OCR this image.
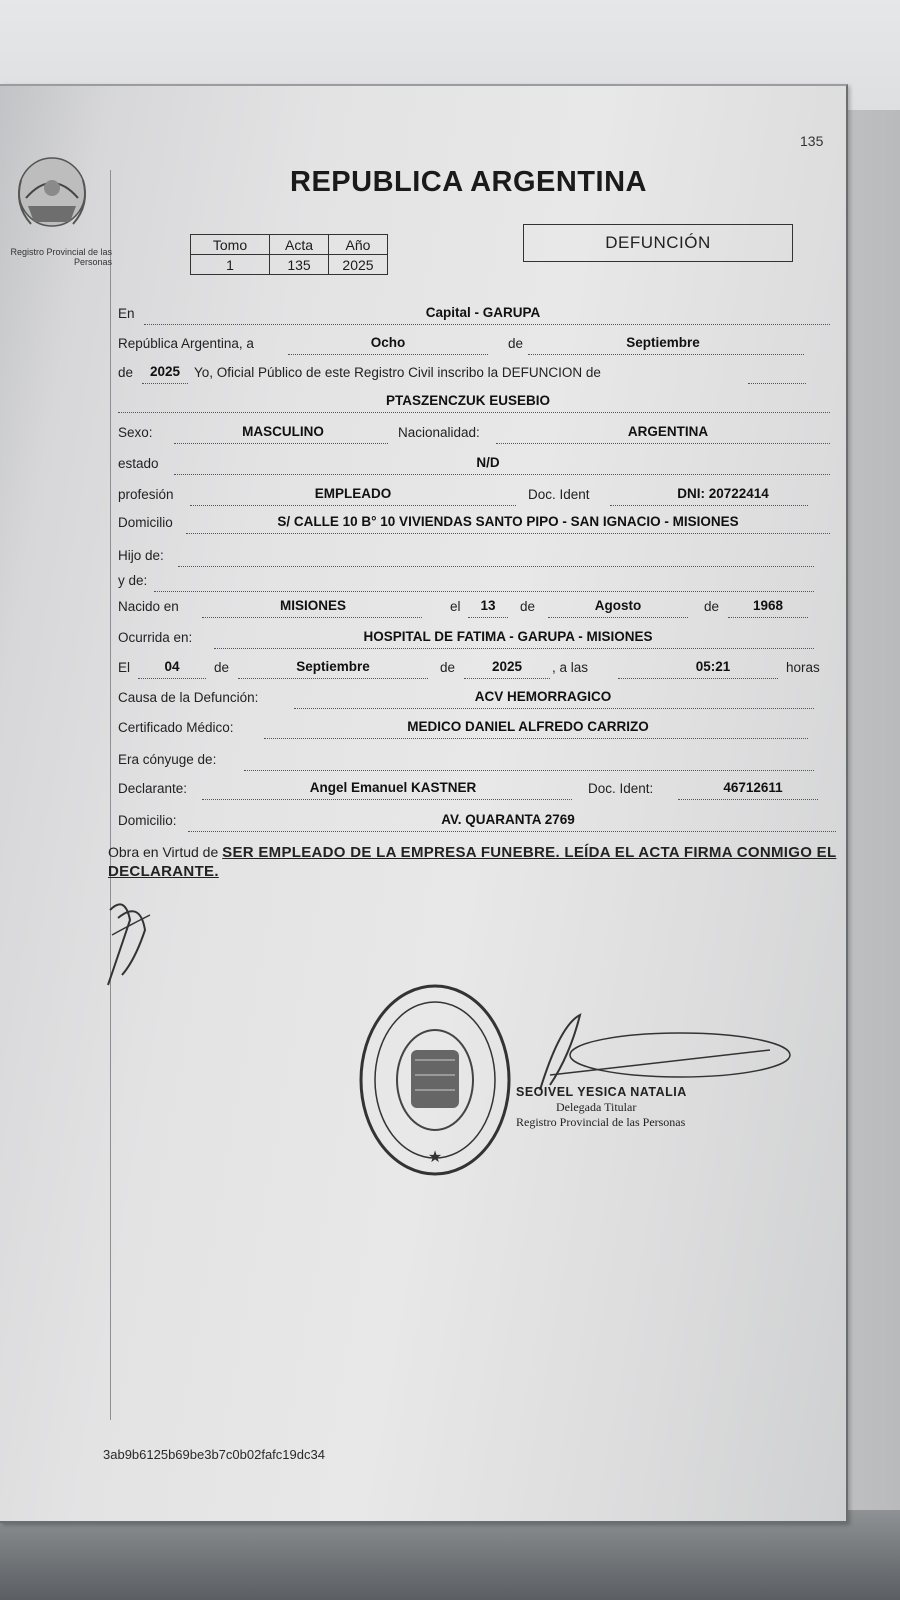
135
Registro Provincial de las Personas
REPUBLICA ARGENTINA
Tomo	Acta	Año
1	135	2025
DEFUNCIÓN
En	Capital - GARUPA
República Argentina, a	Ocho	de	Septiembre
de	2025	Yo, Oficial Público de este Registro Civil inscribo la DEFUNCION de
PTASZENCZUK EUSEBIO
Sexo:	MASCULINO	Nacionalidad:	ARGENTINA
estado	N/D
profesión	EMPLEADO	Doc. Ident	DNI: 20722414
Domicilio	S/ CALLE 10 B° 10 VIVIENDAS SANTO PIPO - SAN IGNACIO - MISIONES
Hijo de:
y de:
Nacido en	MISIONES	el	13	de	Agosto	de	1968
Ocurrida en:	HOSPITAL DE FATIMA - GARUPA - MISIONES
El	04	de	Septiembre	de	2025	, a las	05:21	horas
Causa de la Defunción:	ACV HEMORRAGICO
Certificado Médico:	MEDICO DANIEL ALFREDO CARRIZO
Era cónyuge de:
Declarante:	Angel Emanuel KASTNER	Doc. Ident:	46712611
Domicilio:	AV. QUARANTA 2769
Obra en Virtud de SER EMPLEADO DE LA EMPRESA FUNEBRE. LEÍDA EL ACTA FIRMA CONMIGO EL DECLARANTE.
★
SEOIVEL YESICA NATALIA
Delegada Titular
Registro Provincial de las Personas
3ab9b6125b69be3b7c0b02fafc19dc34
